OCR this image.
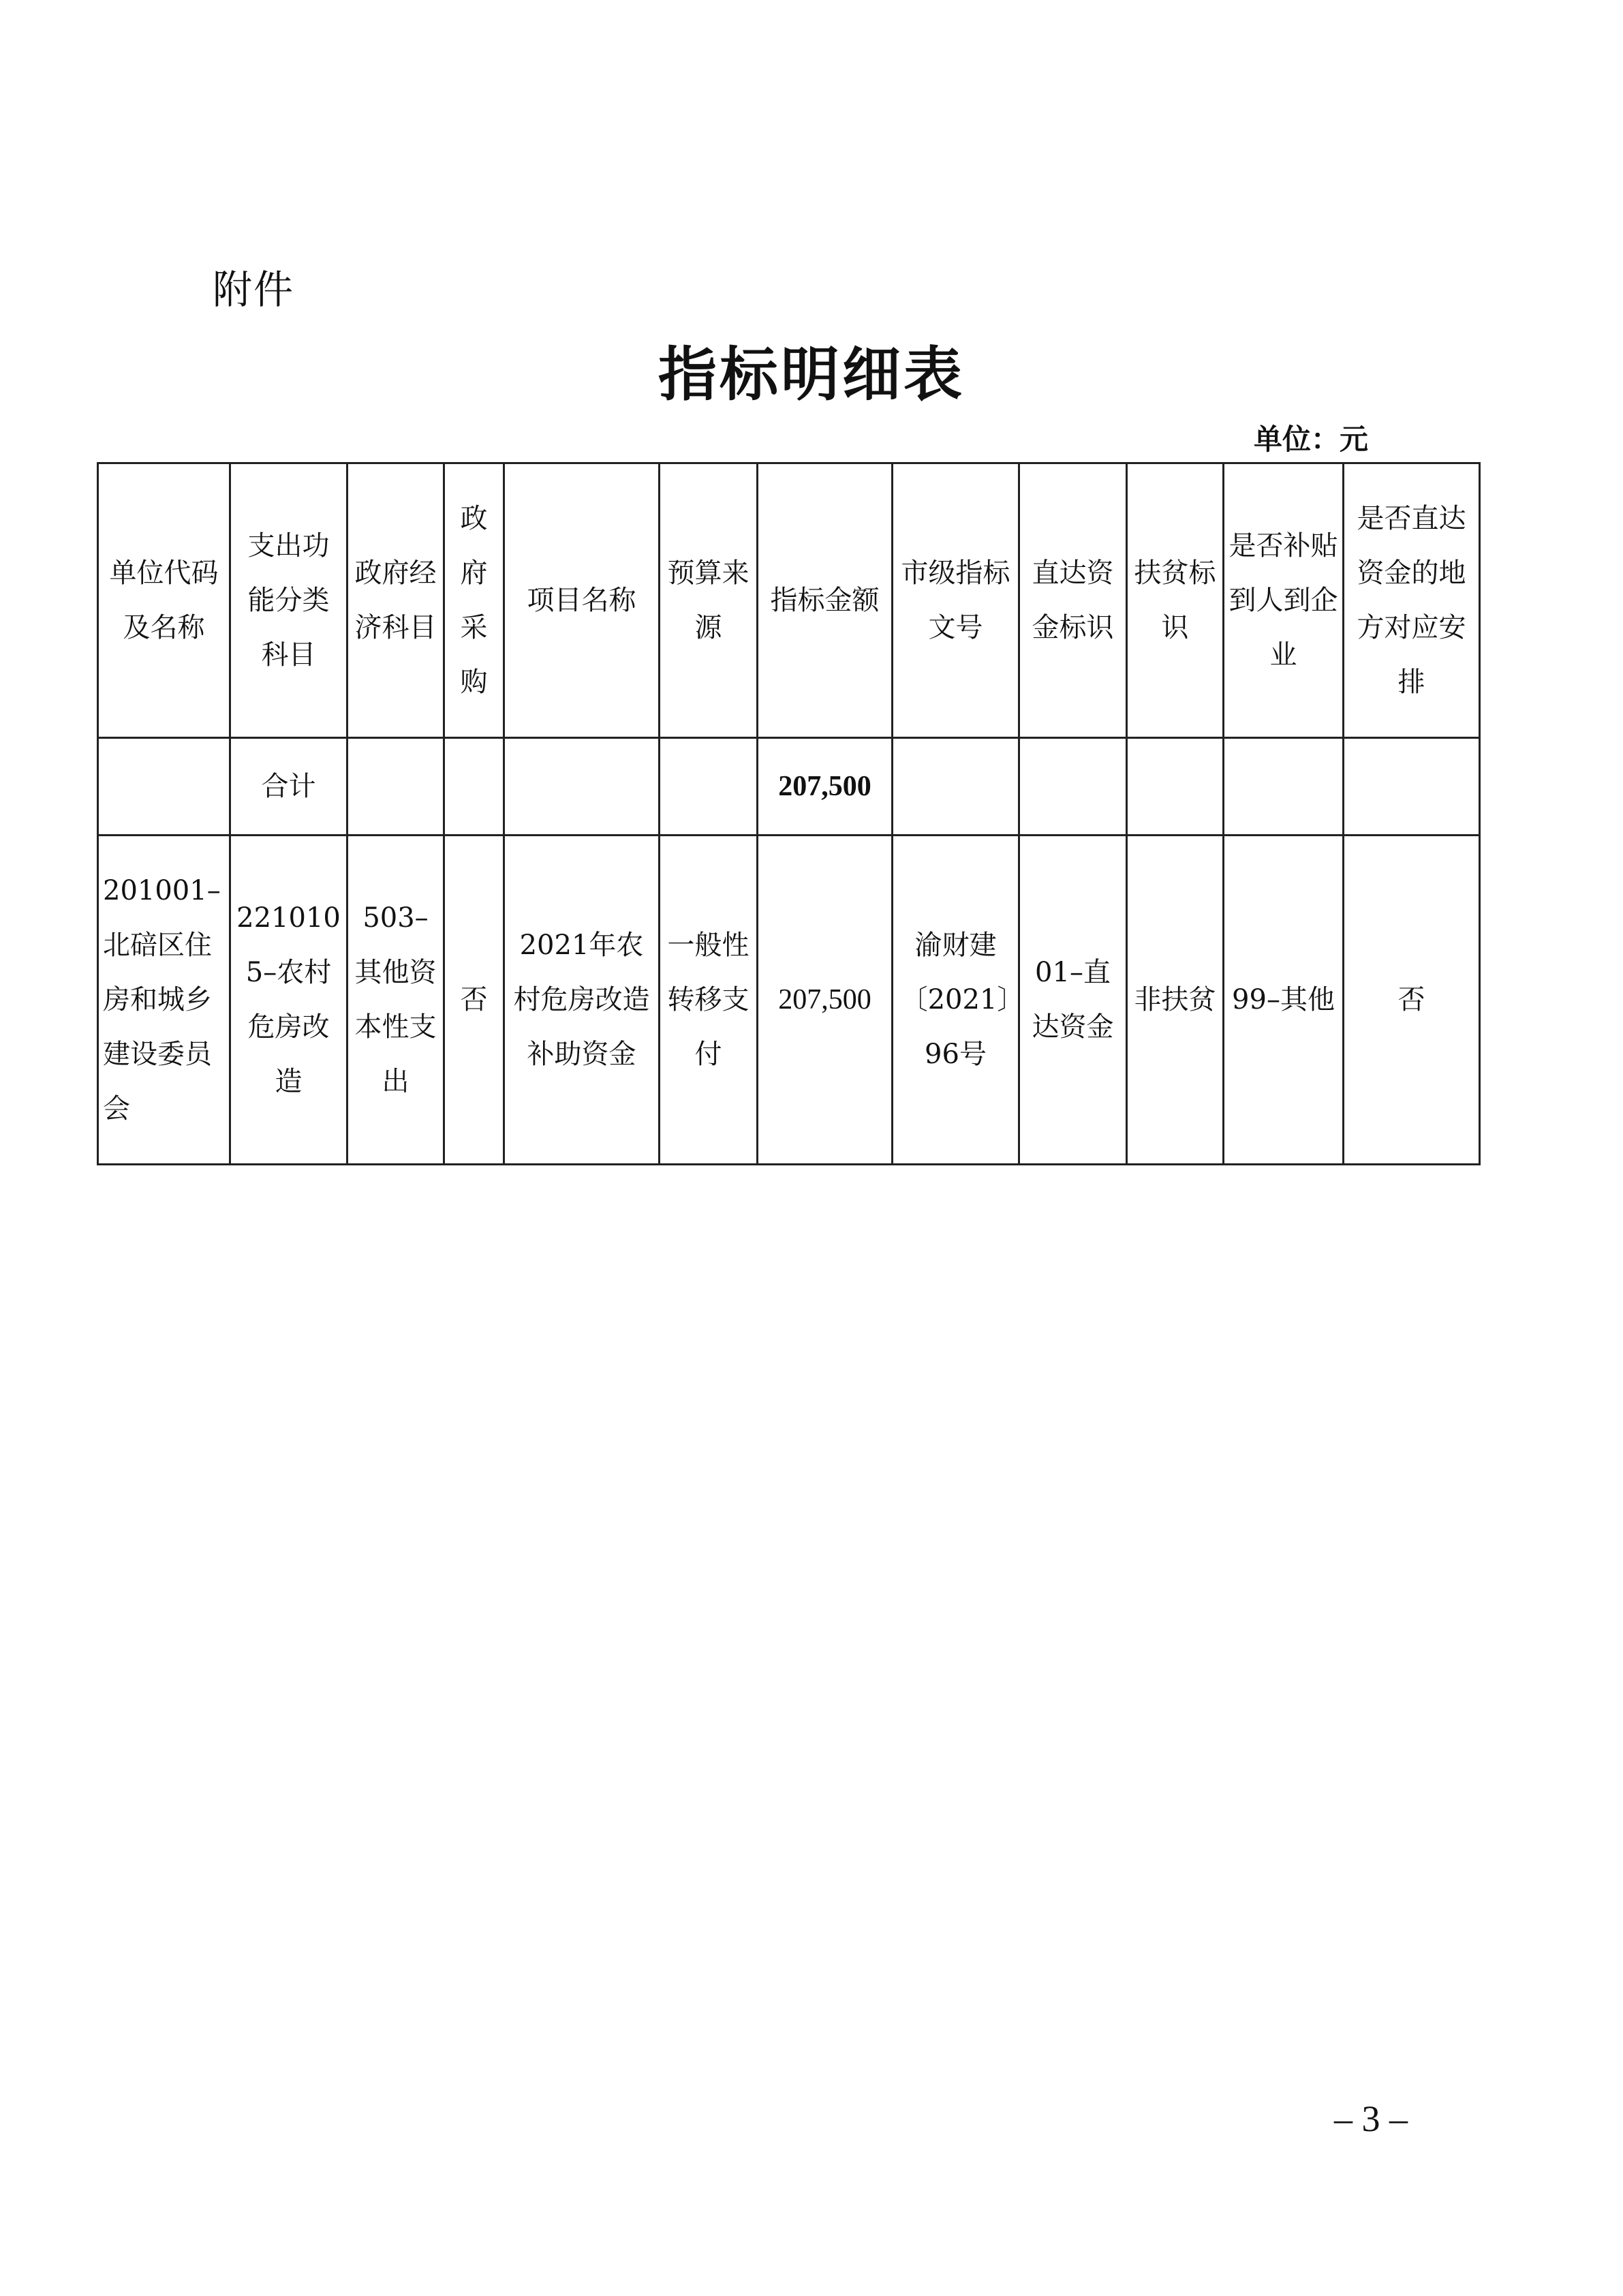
附件
指标明细表
单位：元
单位代码
及名称	支出功能分类科目	政府经济科目	政府采购	项目名称	预算来源	指标金额	市级指标文号	直达资金标识	扶贫标识	是否补贴到人到企业	是否直达资金的地方对应安排
	合计					207,500					
201001–北碚区住房和城乡建设委员会	2210105–农村危房改造	503–其他资本性支出	否	2021年农村危房改造补助资金	一般性转移支付	207,500	渝财建〔2021〕96号	01–直达资金	非扶贫	99–其他	否
– 3 –
